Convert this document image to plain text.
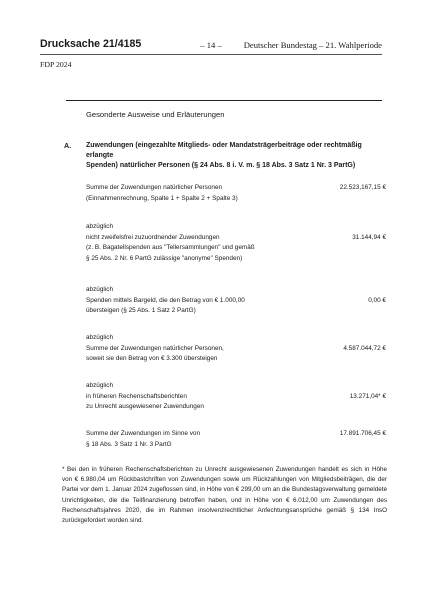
Drucksache 21/4185	– 14 –	Deutscher Bundestag – 21. Wahlperiode
FDP 2024
Gesonderte Ausweise und Erläuterungen
A. Zuwendungen (eingezahlte Mitglieds- oder Mandatsträgerbeiträge oder rechtmäßig erlangte
Spenden) natürlicher Personen (§ 24 Abs. 8 i. V. m. § 18 Abs. 3 Satz 1 Nr. 3 PartG)
Summe der Zuwendungen natürlicher Personen
(Einnahmenrechnung, Spalte 1 + Spalte 2 + Spalte 3)
22.523,167,15 €
abzüglich
nicht zweifelsfrei zuzuordnender Zuwendungen
(z. B. Bagatellspenden aus "Tellersammlungen" und gemäß
§ 25 Abs. 2 Nr. 6 PartG zulässige "anonyme" Spenden)
31.144,94 €
abzüglich
Spenden mittels Bargeld, die den Betrag von € 1.000,00
übersteigen (§ 25 Abs. 1 Satz 2 PartG)
0,00 €
abzüglich
Summe der Zuwendungen natürlicher Personen,
soweit sie den Betrag von € 3.300 übersteigen
4.587.044,72 €
abzüglich
in früheren Rechenschaftsberichten
zu Unrecht ausgewiesener Zuwendungen
13.271,04* €
Summe der Zuwendungen im Sinne von
§ 18 Abs. 3 Satz 1 Nr. 3 PartG
17.891.706,45 €
* Bei den in früheren Rechenschaftsberichten zu Unrecht ausgewiesenen Zuwendungen handelt es sich in Höhe von € 6.980,04 um Rückbastchriften von Zuwendungen sowie um Rückzahlungen von Mitgliedsbeiträgen, die der Partei vor dem 1. Januar 2024 zugeflossen sind, in Höhe von € 299,00 um an die Bundestagsverwaltung gemeldete Unrichtigkeiten, die die Teilfinanzierung betroffen haben, und in Höhe von € 6.012,00 um Zuwendungen des Rechenschaftsjahres 2020, die im Rahmen insolvenzrechtlicher Anfechtungsansprüche gemäß § 134 InsO zurückgefordert worden sind.
